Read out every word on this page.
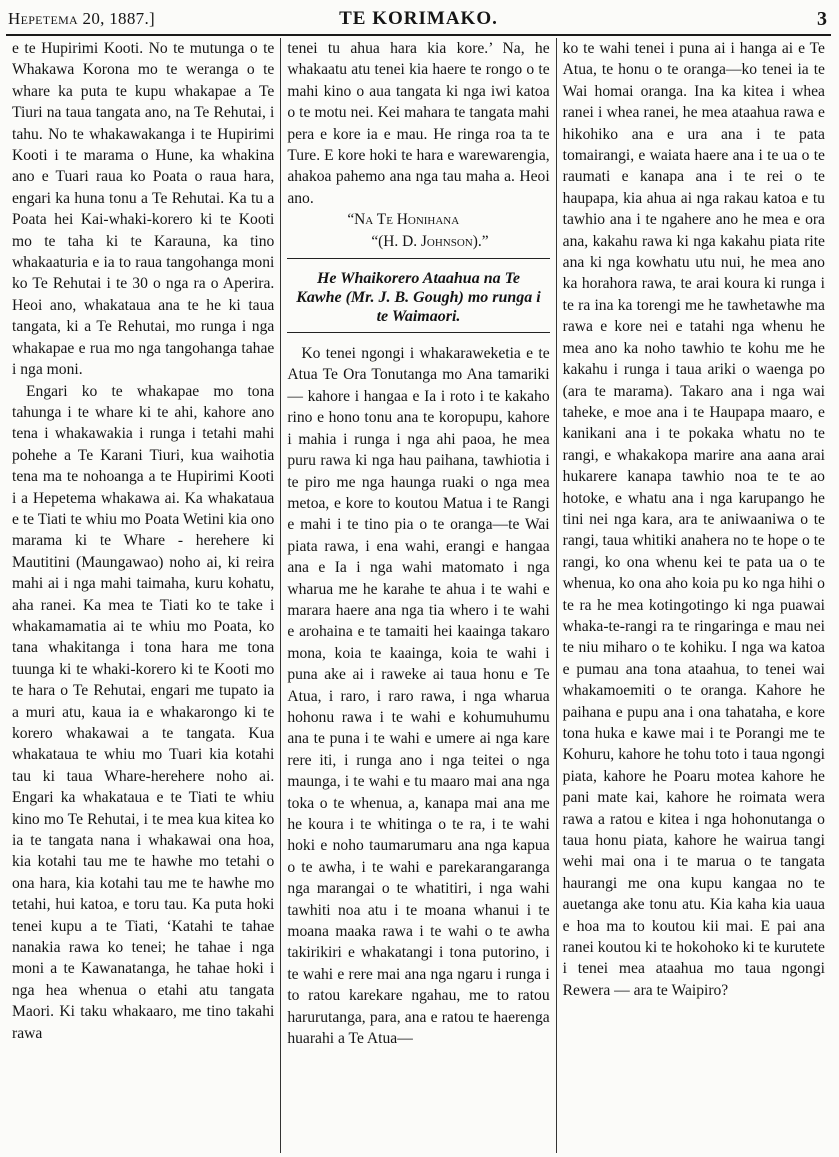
Hepetema 20, 1887.]	TE KORIMAKO.	3

e te Hupirimi Kooti. No te mutunga o te Whakawa Korona mo te weranga o te whare ka puta te kupu whakapae a Te Tiuri na taua tangata ano, na Te Rehutai, i tahu. No te whakawakanga i te Hupirimi Kooti i te marama o Hune, ka whakina ano e Tuari raua ko Poata o raua hara, engari ka huna tonu a Te Rehutai. Ka tu a Poata hei Kai-whaki-korero ki te Kooti mo te taha ki te Karauna, ka tino whakaaturia e ia to raua tangohanga moni ko Te Rehutai i te 30 o nga ra o Aperira. Heoi ano, whakataua ana te he ki taua tangata, ki a Te Rehutai, mo runga i nga whakapae e rua mo nga tangohanga tahae i nga moni.

Engari ko te whakapae mo tona tahunga i te whare ki te ahi, kahore ano tena i whakawakia i runga i tetahi mahi pohehe a Te Karani Tiuri, kua waihotia tena ma te nohoanga a te Hupirimi Kooti i a Hepetema whakawa ai. Ka whakataua e te Tiati te whiu mo Poata Wetini kia ono marama ki te Whare - herehere ki Mautitini (Maungawao) noho ai, ki reira mahi ai i nga mahi taimaha, kuru kohatu, aha ranei. Ka mea te Tiati ko te take i whakamamatia ai te whiu mo Poata, ko tana whakitanga i tona hara me tona tuunga ki te whaki-korero ki te Kooti mo te hara o Te Rehutai, engari me tupato ia a muri atu, kaua ia e whakarongo ki te korero whakawai a te tangata. Kua whakataua te whiu mo Tuari kia kotahi tau ki taua Whare-herehere noho ai. Engari ka whakataua e te Tiati te whiu kino mo Te Rehutai, i te mea kua kitea ko ia te tangata nana i whakawai ona hoa, kia kotahi tau me te hawhe mo tetahi o ona hara, kia kotahi tau me te hawhe mo tetahi, hui katoa, e toru tau. Ka puta hoki tenei kupu a te Tiati, ‘Katahi te tahae nanakia rawa ko tenei; he tahae i nga moni a te Kawanatanga, he tahae hoki i nga hea whenua o etahi atu tangata Maori. Ki taku whakaaro, me tino takahi rawa

tenei tu ahua hara kia kore.’ Na, he whakaatu atu tenei kia haere te rongo o te mahi kino o aua tangata ki nga iwi katoa o te motu nei. Kei mahara te tangata mahi pera e kore ia e mau. He ringa roa ta te Ture. E kore hoki te hara e warewarengia, ahakoa pahemo ana nga tau maha a. Heoi ano.

“Na Te Honihana
“(H. D. Johnson).”
He Whaikorero Ataahua na Te Kawhe (Mr. J. B. Gough) mo runga i te Waimaori.

Ko tenei ngongi i whakaraweketia e te Atua Te Ora Tonutanga mo Ana tamariki — kahore i hangaa e Ia i roto i te kakaho rino e hono tonu ana te koropupu, kahore i mahia i runga i nga ahi paoa, he mea puru rawa ki nga hau paihana, tawhiotia i te piro me nga haunga ruaki o nga mea metoa, e kore to koutou Matua i te Rangi e mahi i te tino pia o te oranga—te Wai piata rawa, i ena wahi, erangi e hangaa ana e Ia i nga wahi matomato i nga wharua me he karahe te ahua i te wahi e marara haere ana nga tia whero i te wahi e arohaina e te tamaiti hei kaainga takaro mona, koia te kaainga, koia te wahi i puna ake ai i raweke ai taua honu e Te Atua, i raro, i raro rawa, i nga wharua hohonu rawa i te wahi e kohumuhumu ana te puna i te wahi e umere ai nga kare rere iti, i runga ano i nga teitei o nga maunga, i te wahi e tu maaro mai ana nga toka o te whenua, a, kanapa mai ana me he koura i te whitinga o te ra, i te wahi hoki e noho taumarumaru ana nga kapua o te awha, i te wahi e parekarangaranga nga marangai o te whatitiri, i nga wahi tawhiti noa atu i te moana whanui i te moana maaka rawa i te wahi o te awha takirikiri e whakatangi i tona putorino, i te wahi e rere mai ana nga ngaru i runga i to ratou karekare ngahau, me to ratou harurutanga, para, ana e ratou te haerenga huarahi a Te Atua—

ko te wahi tenei i puna ai i hanga ai e Te Atua, te honu o te oranga—ko tenei ia te Wai homai oranga. Ina ka kitea i whea ranei i whea ranei, he mea ataahua rawa e hikohiko ana e ura ana i te pata tomairangi, e waiata haere ana i te ua o te raumati e kanapa ana i te rei o te haupapa, kia ahua ai nga rakau katoa e tu tawhio ana i te ngahere ano he mea e ora ana, kakahu rawa ki nga kakahu piata rite ana ki nga kowhatu utu nui, he mea ano ka horahora rawa, te arai koura ki runga i te ra ina ka torengi me he tawhetawhe ma rawa e kore nei e tatahi nga whenu he mea ano ka noho tawhio te kohu me he kakahu i runga i taua ariki o waenga po (ara te marama). Takaro ana i nga wai taheke, e moe ana i te Haupapa maaro, e kanikani ana i te pokaka whatu no te rangi, e whakakopa marire ana aana arai hukarere kanapa tawhio noa te te ao hotoke, e whatu ana i nga karupango he tini nei nga kara, ara te aniwaaniwa o te rangi, taua whitiki anahera no te hope o te rangi, ko ona whenu kei te pata ua o te whenua, ko ona aho koia pu ko nga hihi o te ra he mea kotingotingo ki nga puawai whaka-te-rangi ra te ringaringa e mau nei te niu miharo o te kohiku. I nga wa katoa e pumau ana tona ataahua, to tenei wai whakamoemiti o te oranga. Kahore he paihana e pupu ana i ona tahataha, e kore tona huka e kawe mai i te Porangi me te Kohuru, kahore he tohu toto i taua ngongi piata, kahore he Poaru motea kahore he pani mate kai, kahore he roimata wera rawa a ratou e kitea i nga hohonutanga o taua honu piata, kahore he wairua tangi wehi mai ona i te marua o te tangata haurangi me ona kupu kangaa no te auetanga ake tonu atu. Kia kaha kia uaua e hoa ma to koutou kii mai. E pai ana ranei koutou ki te hokohoko ki te kurutete i tenei mea ataahua mo taua ngongi Rewera — ara te Waipiro?
